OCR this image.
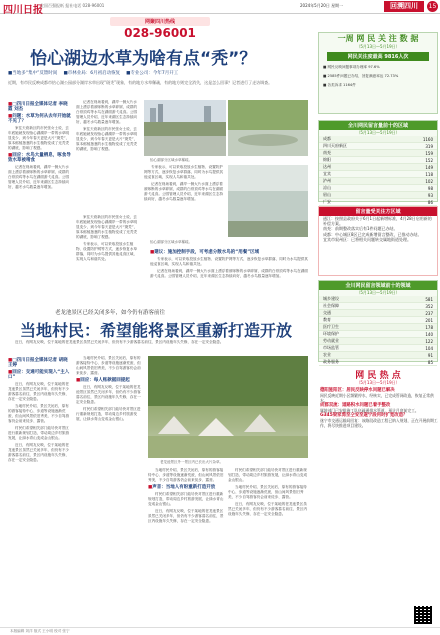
四川日报
全国百强报纸 报社电话 028-96001	2024年5月20日 星期一	回溯四川	15
网聚四川热线
028-96001
怡心湖边水草为啥有点“秃”？
■ 当地多“集中”反馈时间	■ 市林业局：6月初启动恢复	■ 专业公司：今年7月开工
近期，有市民反映成都市怡心湖公园部分湖岸水草出现“斑秃”现象，有的地方水草稀疏，有的地方则完全消失，这是怎么回事？记者进行了走访调查。

■ □四川日报全媒体记者 李晓霞 刘杰

■ 问题：水草为何从去年开始就不见了？

家住天府新区的市民张女士说，去年底她就发现怡心湖湖岸一带的水草明显变少，到今年春天更是大片“斑秃”，原本郁郁葱葱的水生植物变成了光秃秃的湖底，影响了观感。

■ 回应：水鸟大量栖息，啄食导致水草被啃食

记者在现场看到，湖岸一侧大片水面上漂浮着被啄断的水草碎屑，成群的白骨顶鸡等水鸟在湖面游弋觅食。公园管理人员介绍，近年来湖区生态持续向好，越冬水鸟数量逐年增加。

记者在现场看到，湖岸一侧大片水面上漂浮着被啄断的水草碎屑，成群的白骨顶鸡等水鸟在湖面游弋觅食。公园管理人员介绍，近年来湖区生态持续向好，越冬水鸟数量逐年增加。

家住天府新区的市民张女士说，去年底她就发现怡心湖湖岸一带的水草明显变少，到今年春天更是大片“斑秃”，原本郁郁葱葱的水生植物变成了光秃秃的湖底，影响了观感。

怡心湖部分区域水草稀疏。

专家表示，可以采取投放水生植物、设置防护网等方式，逐步恢复水草群落，同时为水鸟提供其他觅食区域，实现人鸟和谐共处。

记者在现场看到，湖岸一侧大片水面上漂浮着被啄断的水草碎屑，成群的白骨顶鸡等水鸟在湖面游弋觅食。公园管理人员介绍，近年来湖区生态持续向好，越冬水鸟数量逐年增加。

怡心湖部分区域水草稀疏。

家住天府新区的市民张女士说，去年底她就发现怡心湖湖岸一带的水草明显变少，到今年春天更是大片“斑秃”，原本郁郁葱葱的水生植物变成了光秃秃的湖底，影响了观感。

专家表示，可以采取投放水生植物、设置防护网等方式，逐步恢复水草群落，同时为水鸟提供其他觅食区域，实现人鸟和谐共处。

■ 建议：施加控制手段，可考虑分散水鸟的“用餐”区域

专家表示，可以采取投放水生植物、设置防护网等方式，逐步恢复水草群落，同时为水鸟提供其他觅食区域，实现人鸟和谐共处。

记者在现场看到，湖岸一侧大片水面上漂浮着被啄断的水草碎屑，成群的白骨顶鸡等水鸟在湖面游弋觅食。公园管理人员介绍，近年来湖区生态持续向好，越冬水鸟数量逐年增加。

老龙池景区已经关闭多年，如今仍有游客前往
当地村民：希望能将景区重新打造开放

近日，有网友反映，位于某地的老龙池景区虽然已关闭多年，但仍有不少游客慕名前往，景区内设施年久失修，存在一定安全隐患。

■ □四川日报全媒体记者 胡晓 王婷

■ 回应：交通可能实现入“主入口”

近日，有网友反映，位于某地的老龙池景区虽然已关闭多年，但仍有不少游客慕名前往，景区内设施年久失修，存在一定安全隐患。

当地村民介绍，景区关闭后，原有的游客接待中心、步道等设施逐渐荒废，但山间风景依旧秀美，不少自驾游客仍会前来徒步、露营。

村民们希望相关部门能尽快对景区进行重新规划打造，带动周边乡村旅游发展，让绿水青山变成金山银山。

近日，有网友反映，位于某地的老龙池景区虽然已关闭多年，但仍有不少游客慕名前往，景区内设施年久失修，存在一定安全隐患。

当地村民介绍，景区关闭后，原有的游客接待中心、步道等设施逐渐荒废，但山间风景依旧秀美，不少自驾游客仍会前来徒步、露营。

■ 回应：每人账款据回提起

近日，有网友反映，位于某地的老龙池景区虽然已关闭多年，但仍有不少游客慕名前往，景区内设施年久失修，存在一定安全隐患。

村民们希望相关部门能尽快对景区进行重新规划打造，带动周边乡村旅游发展，让绿水青山变成金山银山。

老龙池景区外一景区内已长出大片杂草。

当地村民介绍，景区关闭后，原有的游客接待中心、步道等设施逐渐荒废，但山间风景依旧秀美，不少自驾游客仍会前来徒步、露营。

■ 声音：当地人有盼重新打造开放

村民们希望相关部门能尽快对景区进行重新规划打造，带动周边乡村旅游发展，让绿水青山变成金山银山。

近日，有网友反映，位于某地的老龙池景区虽然已关闭多年，但仍有不少游客慕名前往，景区内设施年久失修，存在一定安全隐患。

村民们希望相关部门能尽快对景区进行重新规划打造，带动周边乡村旅游发展，让绿水青山变成金山银山。

当地村民介绍，景区关闭后，原有的游客接待中心、步道等设施逐渐荒废，但山间风景依旧秀美，不少自驾游客仍会前来徒步、露营。

近日，有网友反映，位于某地的老龙池景区虽然已关闭多年，但仍有不少游客慕名前往，景区内设施年久失修，存在一定安全隐患。

一周 网 民 关 注 数 据
（5月13日—5月19日）
网民关注度最高 9816人次
■ 网民反映问题事项办理率 97.6%
■ 2585件问题已办结，回复满意率达 72.73%
■ 各类诉求 1164件
全川网民留言量前十的区域
（5月13日—5月19日）
成都	1160
四川天府新区	319
南充	159
绵阳	152
达州	149
宜宾	118
泸州	102
凉山	98
眉山	93
广安	86
留言量受关注方区域
通江：按照县政府关于6月1日起新增标准，4月28日启用新的补偿方案。
南充：前期整改落实后有1件问题已办结。
成都：中心城区8区已完成新增留言整改，已推动办结。
宜宾市叙州区：已将相关问题转交属地街道处理。
全川网民留言领域前十的领域
（5月13日—5月19日）
城乡建设	581
社会保障	352
交通	237
教育	201
医疗卫生	178
环境保护	140
劳动就业	122
市场监管	104
农业	91
政务服务	85
网 民 热 点
（5月13日—5月19日）
德阳旌阳区：居民反映停水问题已解决
网民反映近期小区频繁停水，经核实，已完成管网改造，恢复正常供水。
成都双流：道路积水问题已着手整改
属地部门已安排施工队伍疏通排水管道，预计月底前完工。
G345梁家湾至仝安至遂宁段何时扩宽改造？
遂宁市交通运输局回复：该路段改造工程已纳入规划，正在开展前期工作，将尽快推进项目建设。
本版编辑 刘洋 版式 王小明 校对 张宁
